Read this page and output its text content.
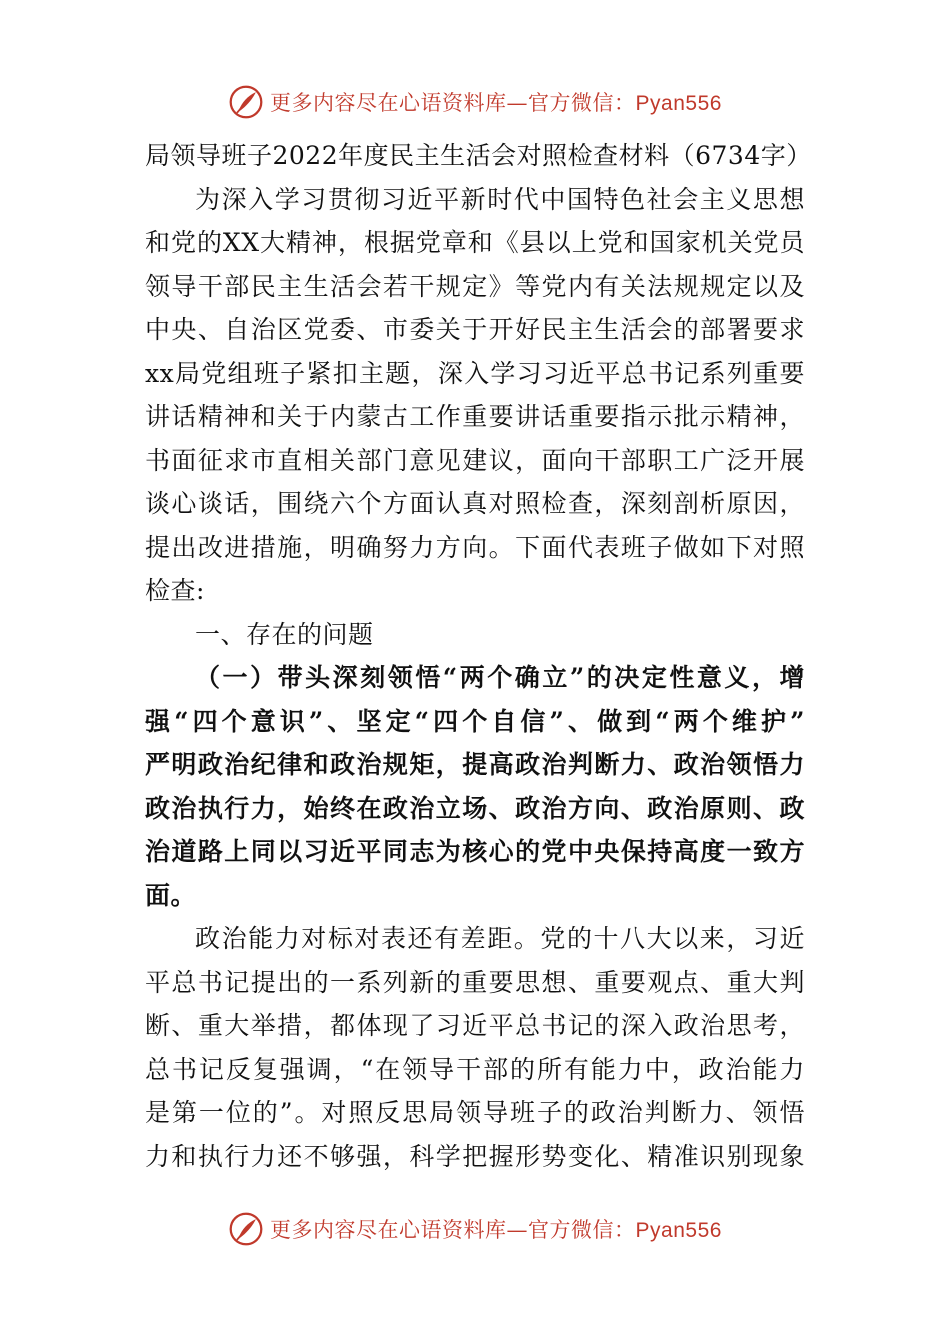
更多内容尽在心语资料库—官方微信：Pyan556
局领导班子2022年度民主生活会对照检查材料（6734字）
为深入学习贯彻习近平新时代中国特色社会主义思想
和党的XX大精神，根据党章和《县以上党和国家机关党员
领导干部民主生活会若干规定》等党内有关法规规定以及
中央、自治区党委、市委关于开好民主生活会的部署要求
xx局党组班子紧扣主题，深入学习习近平总书记系列重要
讲话精神和关于内蒙古工作重要讲话重要指示批示精神，
书面征求市直相关部门意见建议，面向干部职工广泛开展
谈心谈话，围绕六个方面认真对照检查，深刻剖析原因，
提出改进措施，明确努力方向。下面代表班子做如下对照
检查:
一、存在的问题
（一）带头深刻领悟“两个确立”的决定性意义，增
强“四个意识”、坚定“四个自信”、做到“两个维护”
严明政治纪律和政治规矩，提高政治判断力、政治领悟力
政治执行力，始终在政治立场、政治方向、政治原则、政
治道路上同以习近平同志为核心的党中央保持高度一致方
面。
政治能力对标对表还有差距。党的十八大以来，习近
平总书记提出的一系列新的重要思想、重要观点、重大判
断、重大举措，都体现了习近平总书记的深入政治思考，
总书记反复强调，“在领导干部的所有能力中，政治能力
是第一位的”。对照反思局领导班子的政治判断力、领悟
力和执行力还不够强，科学把握形势变化、精准识别现象
更多内容尽在心语资料库—官方微信：Pyan556
